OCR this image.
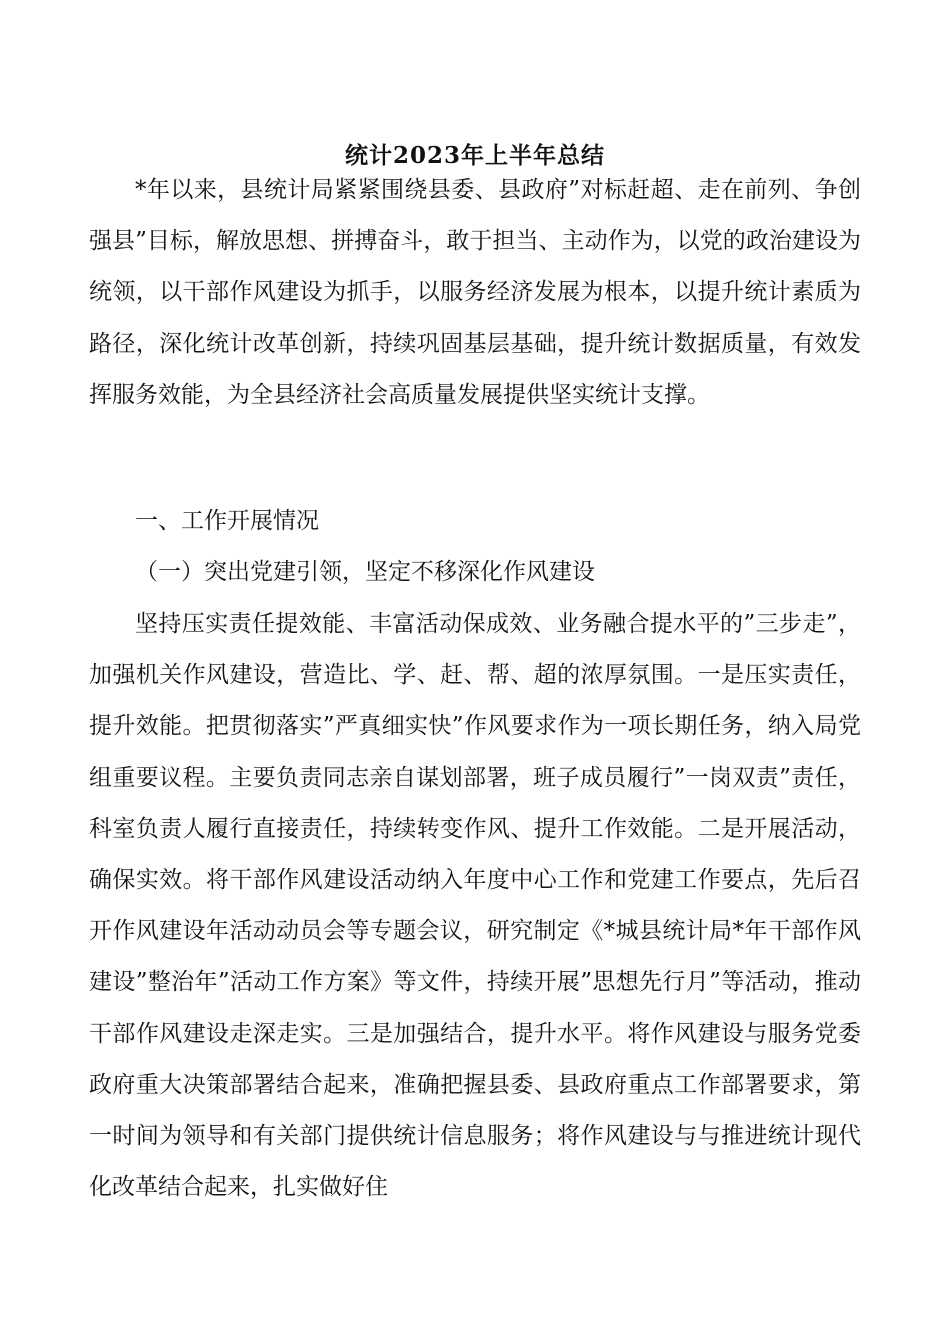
统计2023年上半年总结

*年以来，县统计局紧紧围绕县委、县政府”对标赶超、走在前列、争创强县”目标，解放思想、拼搏奋斗，敢于担当、主动作为，以党的政治建设为统领，以干部作风建设为抓手，以服务经济发展为根本，以提升统计素质为路径，深化统计改革创新，持续巩固基层基础，提升统计数据质量，有效发挥服务效能，为全县经济社会高质量发展提供坚实统计支撑。

一、工作开展情况

（一）突出党建引领，坚定不移深化作风建设

坚持压实责任提效能、丰富活动保成效、业务融合提水平的”三步走”，加强机关作风建设，营造比、学、赶、帮、超的浓厚氛围。一是压实责任，提升效能。把贯彻落实”严真细实快”作风要求作为一项长期任务，纳入局党组重要议程。主要负责同志亲自谋划部署，班子成员履行”一岗双责”责任，科室负责人履行直接责任，持续转变作风、提升工作效能。二是开展活动，确保实效。将干部作风建设活动纳入年度中心工作和党建工作要点，先后召开作风建设年活动动员会等专题会议，研究制定《*城县统计局*年干部作风建设”整治年”活动工作方案》等文件，持续开展”思想先行月”等活动，推动干部作风建设走深走实。三是加强结合，提升水平。将作风建设与服务党委政府重大决策部署结合起来，准确把握县委、县政府重点工作部署要求，第一时间为领导和有关部门提供统计信息服务；将作风建设与与推进统计现代化改革结合起来，扎实做好住
